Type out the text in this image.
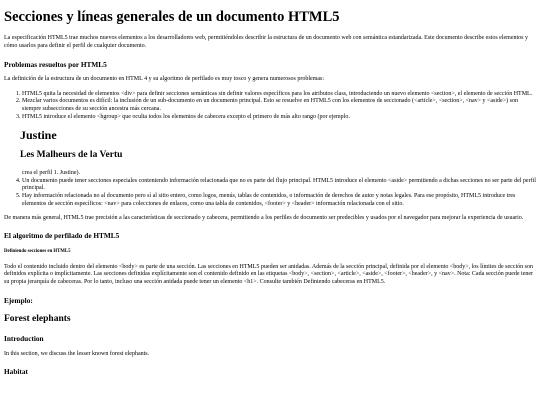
Secciones y líneas generales de un documento HTML5

La especificación HTML5 trae muchos nuevos elementos a los desarrolladores web, permitiéndoles describir la estructura de un documento web con semántica estandarizada. Este documento describe estos elementos y cómo usarlos para definir el perfil de cualquier documento.

Problemas resueltos por HTML5

La definición de la estructura de un documento en HTML 4 y su algoritmo de perfilado es muy tosco y genera numerosos problemas:

1. HTML5 quita la necesidad de elementos <div> para definir secciones semánticas sin definir valores específicos para los atributos class, introduciendo un nuevo elemento <section>, el elemento de sección HTML.
2. Mezclar varios documentos es difícil: la inclusión de un sub-documento en un documento principal. Esto se resuelve en HTML5 con los elementos de seccionado (<article>, <section>, <nav> y <aside>) son siempre subsecciones de su sección ancestra más cercana.
3. HTML5 introduce el elemento <hgroup> que oculta todos los elementos de cabecera excepto el primero de más alto rango (por ejemplo.
Justine
Les Malheurs de la Vertu
crea el perfil 1. Justine).
4. Un documento puede tener secciones especiales conteniendo información relacionada que no es parte del flujo principal. HTML5 introduce el elemento <aside> permitiendo a dichas secciones no ser parte del perfil principal.
5. Hay información relacionada no al documento pero sí al sitio entero, como logos, menús, tablas de contenidos, o información de derechos de autor y notas legales. Para ese propósito, HTML5 introduce tres elementos de sección específicos: <nav> para colecciones de enlaces, como una tabla de contenidos, <footer> y <header> información relacionada con el sitio.

De manera más general, HTML5 trae precisión a las características de seccionado y cabecera, permitiendo a los perfiles de documento ser predecibles y usados por el navegador para mejorar la experiencia de usuario.

El algoritmo de perfilado de HTML5
Definiendo secciones en HTML5

Todo el contenido incluido dentro del elemento <body> es parte de una sección. Las secciones en HTML5 pueden ser anidadas. Además de la sección principal, definida por el elemento <body>, los límites de sección son definidos explícita o implícitamente. Las secciones definidas explícitamente son el contenido definido en las etiquetas <body>, <section>, <article>, <aside>, <footer>, <header>, y <nav>. Nota: Cada sección puede tener su propia jerarquía de cabeceras. Por lo tanto, incluso una sección anidada puede tener un elemento <h1>. Consulte también Definiendo cabeceras en HTML5.

Ejemplo:
Forest elephants
Introduction

In this section, we discuss the lesser known forest elephants.

Habitat
